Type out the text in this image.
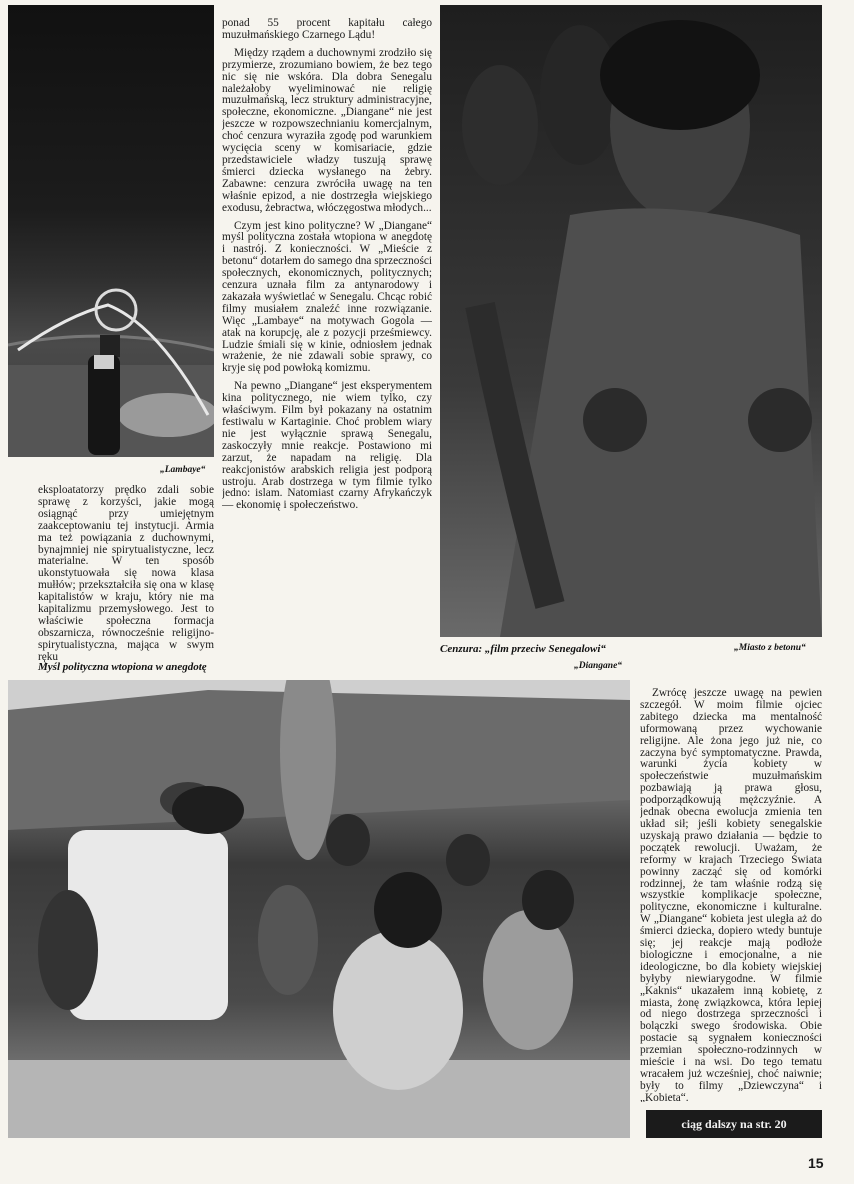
„Lambaye“

eksploatatorzy prędko zdali sobie sprawę z korzyści, jakie mogą osiągnąć przy umiejętnym zaakceptowaniu tej instytucji. Armia ma też powiązania z duchownymi, bynajmniej nie spirytualistyczne, lecz materialne. W ten sposób ukonstytuowała się nowa klasa mułłów; przekształciła się ona w klasę kapitalistów w kraju, który nie ma kapitalizmu przemysłowego. Jest to właściwie społeczna formacja obszarnicza, równocześnie religijno-spirytualistyczna, mająca w swym ręku

Myśl polityczna wtopiona w anegdotę

ponad 55 procent kapitału całego muzułmańskiego Czarnego Lądu!

Między rządem a duchownymi zrodziło się przymierze, zrozumiano bowiem, że bez tego nic się nie wskóra. Dla dobra Senegalu należałoby wyeliminować nie religię muzułmańską, lecz struktury administracyjne, społeczne, ekonomiczne. „Diangane“ nie jest jeszcze w rozpowszechnianiu komercjalnym, choć cenzura wyraziła zgodę pod warunkiem wycięcia sceny w komisariacie, gdzie przedstawiciele władzy tuszują sprawę śmierci dziecka wysłanego na żebry. Zabawne: cenzura zwróciła uwagę na ten właśnie epizod, a nie dostrzegła wiejskiego exodusu, żebractwa, włóczęgostwa młodych...

Czym jest kino polityczne? W „Diangane“ myśl polityczna została wtopiona w anegdotę i nastrój. Z konieczności. W „Mieście z betonu“ dotarłem do samego dna sprzeczności społecznych, ekonomicznych, politycznych; cenzura uznała film za antynarodowy i zakazała wyświetlać w Senegalu. Chcąc robić filmy musiałem znaleźć inne rozwiązanie. Więc „Lambaye“ na motywach Gogola — atak na korupcję, ale z pozycji prześmiewcy. Ludzie śmiali się w kinie, odniosłem jednak wrażenie, że nie zdawali sobie sprawy, co kryje się pod powłoką komizmu.

Na pewno „Diangane“ jest eksperymentem kina politycznego, nie wiem tylko, czy właściwym. Film był pokazany na ostatnim festiwalu w Kartaginie. Choć problem wiary nie jest wyłącznie sprawą Senegalu, zaskoczyły mnie reakcje. Postawiono mi zarzut, że napadam na religię. Dla reakcjonistów arabskich religia jest podporą ustroju. Arab dostrzega w tym filmie tylko jedno: islam. Natomiast czarny Afrykańczyk — ekonomię i społeczeństwo.

Cenzura: „film przeciw Senegalowi“	„Miasto z betonu“
„Diangane“

Zwrócę jeszcze uwagę na pewien szczegół. W moim filmie ojciec zabitego dziecka ma mentalność uformowaną przez wychowanie religijne. Ale żona jego już nie, co zaczyna być symptomatyczne. Prawda, warunki życia kobiety w społeczeństwie muzułmańskim pozbawiają ją prawa głosu, podporządkowują mężczyźnie. A jednak obecna ewolucja zmienia ten układ sił; jeśli kobiety senegalskie uzyskają prawo działania — będzie to początek rewolucji. Uważam, że reformy w krajach Trzeciego Świata powinny zacząć się od komórki rodzinnej, że tam właśnie rodzą się wszystkie komplikacje społeczne, polityczne, ekonomiczne i kulturalne. W „Diangane“ kobieta jest uległa aż do śmierci dziecka, dopiero wtedy buntuje się; jej reakcje mają podłoże biologiczne i emocjonalne, a nie ideologiczne, bo dla kobiety wiejskiej byłyby niewiarygodne. W filmie „Kaknis“ ukazałem inną kobietę, z miasta, żonę związkowca, która lepiej od niego dostrzega sprzeczności i bolączki swego środowiska. Obie postacie są sygnałem konieczności przemian społeczno-rodzinnych w mieście i na wsi. Do tego tematu wracałem już wcześniej, choć naiwnie; były to filmy „Dziewczyna“ i „Kobieta“.

ciąg dalszy na str. 20
15
